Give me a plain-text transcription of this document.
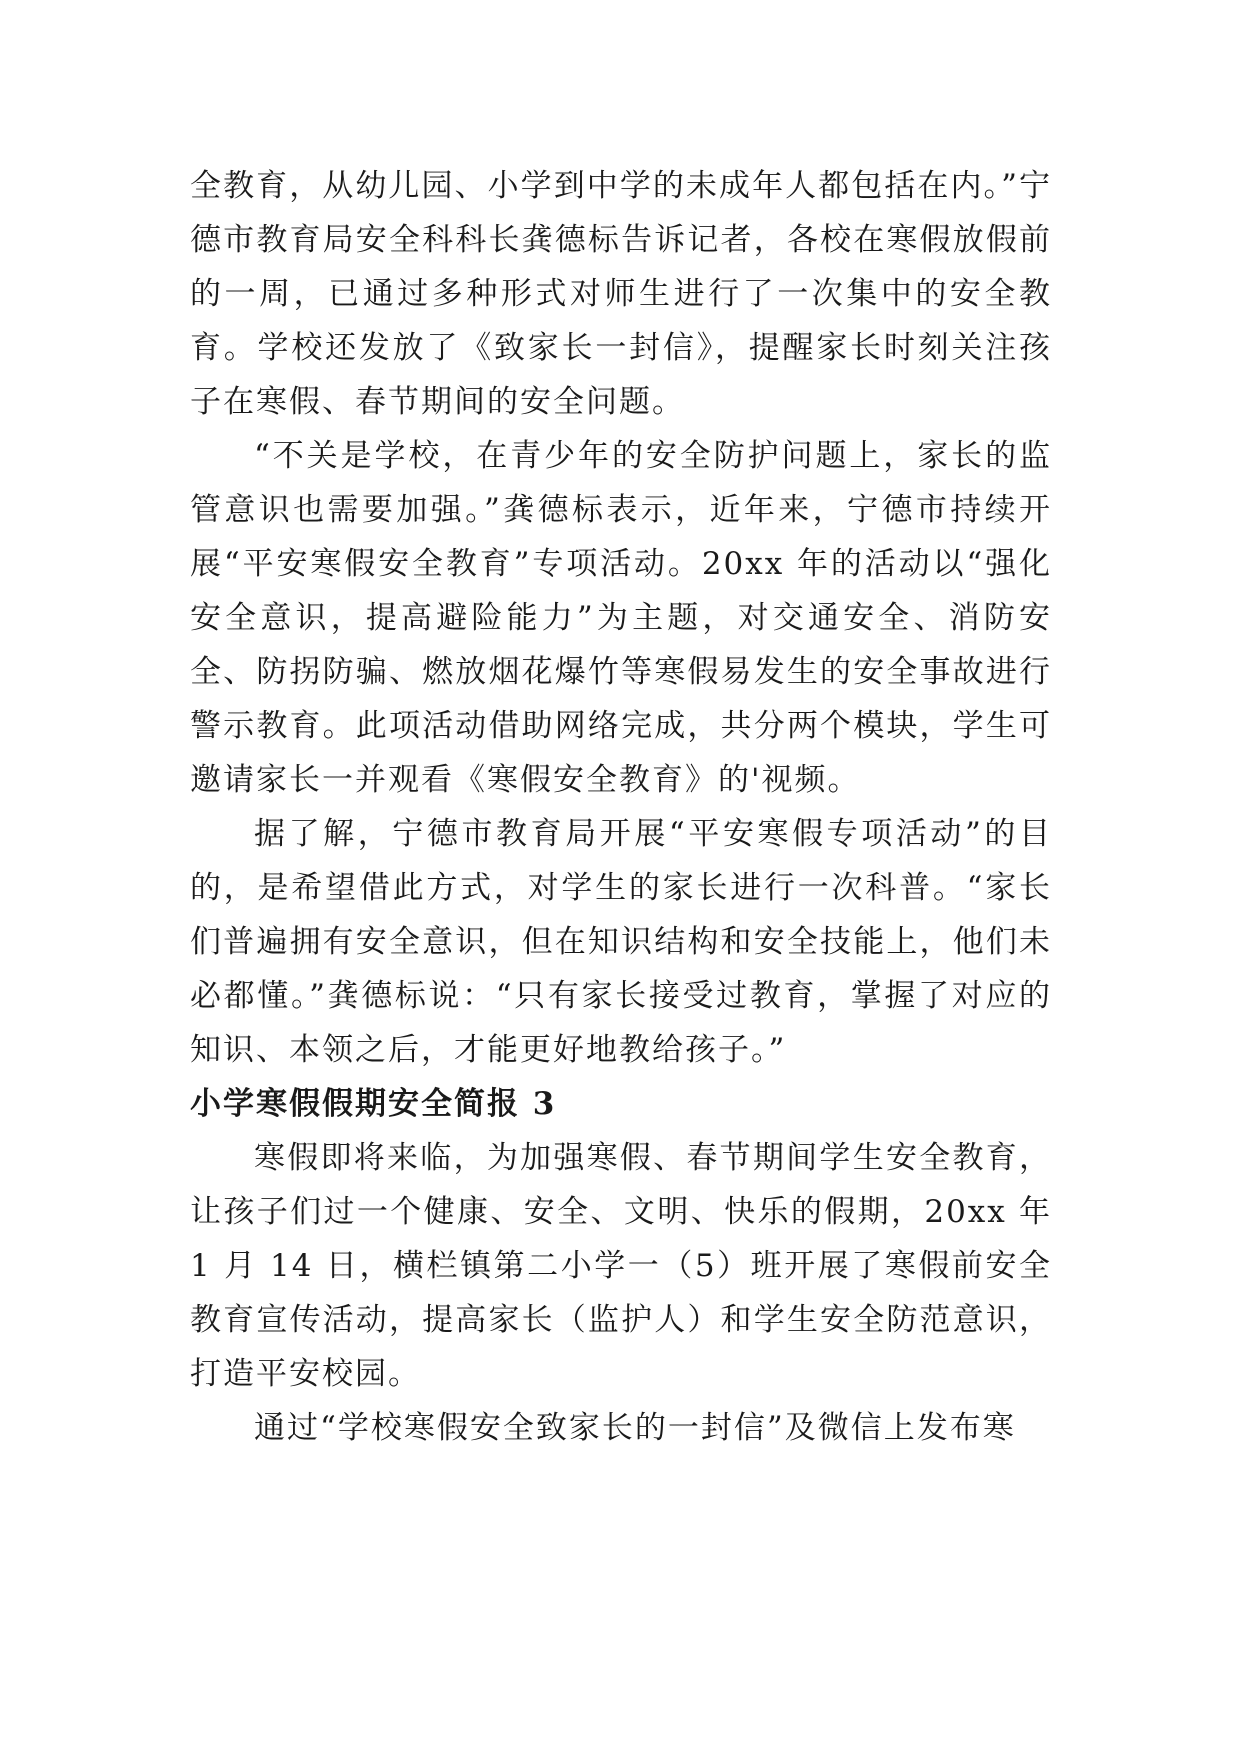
全教育，从幼儿园、小学到中学的未成年人都包括在内。”宁德市教育局安全科科长龚德标告诉记者，各校在寒假放假前的一周，已通过多种形式对师生进行了一次集中的安全教育。学校还发放了《致家长一封信》，提醒家长时刻关注孩子在寒假、春节期间的安全问题。

“不关是学校，在青少年的安全防护问题上，家长的监管意识也需要加强。”龚德标表示，近年来，宁德市持续开展“平安寒假安全教育”专项活动。20xx 年的活动以“强化安全意识，提高避险能力”为主题，对交通安全、消防安全、防拐防骗、燃放烟花爆竹等寒假易发生的安全事故进行警示教育。此项活动借助网络完成，共分两个模块，学生可邀请家长一并观看《寒假安全教育》的'视频。

据了解，宁德市教育局开展“平安寒假专项活动”的目的，是希望借此方式，对学生的家长进行一次科普。“家长们普遍拥有安全意识，但在知识结构和安全技能上，他们未必都懂。”龚德标说：“只有家长接受过教育，掌握了对应的知识、本领之后，才能更好地教给孩子。”

小学寒假假期安全简报 3

寒假即将来临，为加强寒假、春节期间学生安全教育，让孩子们过一个健康、安全、文明、快乐的假期，20xx 年 1 月 14 日，横栏镇第二小学一（5）班开展了寒假前安全教育宣传活动，提高家长（监护人）和学生安全防范意识，打造平安校园。

通过“学校寒假安全致家长的一封信”及微信上发布寒
